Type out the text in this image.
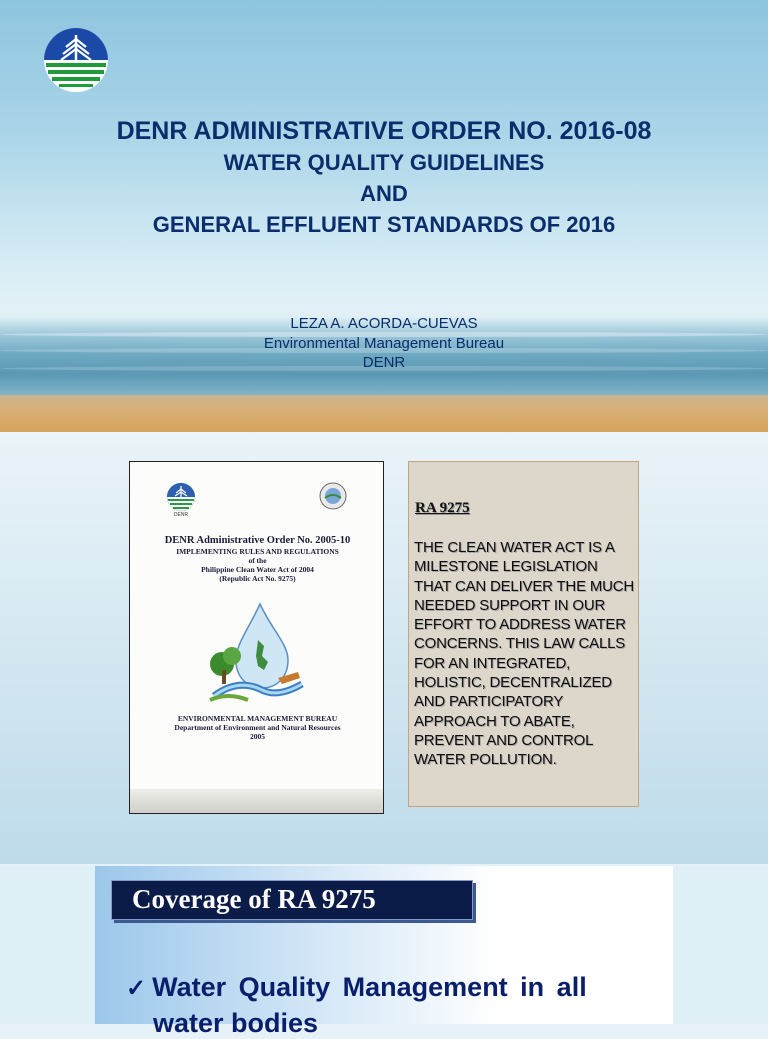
DENR ADMINISTRATIVE ORDER NO. 2016-08
WATER QUALITY GUIDELINES
AND
GENERAL EFFLUENT STANDARDS OF 2016
LEZA A. ACORDA-CUEVAS
Environmental Management Bureau
DENR
DENR
DENR Administrative Order No. 2005-10
IMPLEMENTING RULES AND REGULATIONS
of the
Philippine Clean Water Act of 2004
(Republic Act No. 9275)
ENVIRONMENTAL MANAGEMENT BUREAU
Department of Environment and Natural Resources
2005
RA 9275
THE CLEAN WATER ACT IS A MILESTONE LEGISLATION THAT CAN DELIVER THE MUCH NEEDED SUPPORT IN OUR EFFORT TO ADDRESS WATER CONCERNS. THIS LAW CALLS FOR AN INTEGRATED, HOLISTIC, DECENTRALIZED AND PARTICIPATORY APPROACH TO ABATE, PREVENT AND CONTROL WATER POLLUTION.
Coverage of RA 9275
✓ Water Quality Management in all
water bodies
